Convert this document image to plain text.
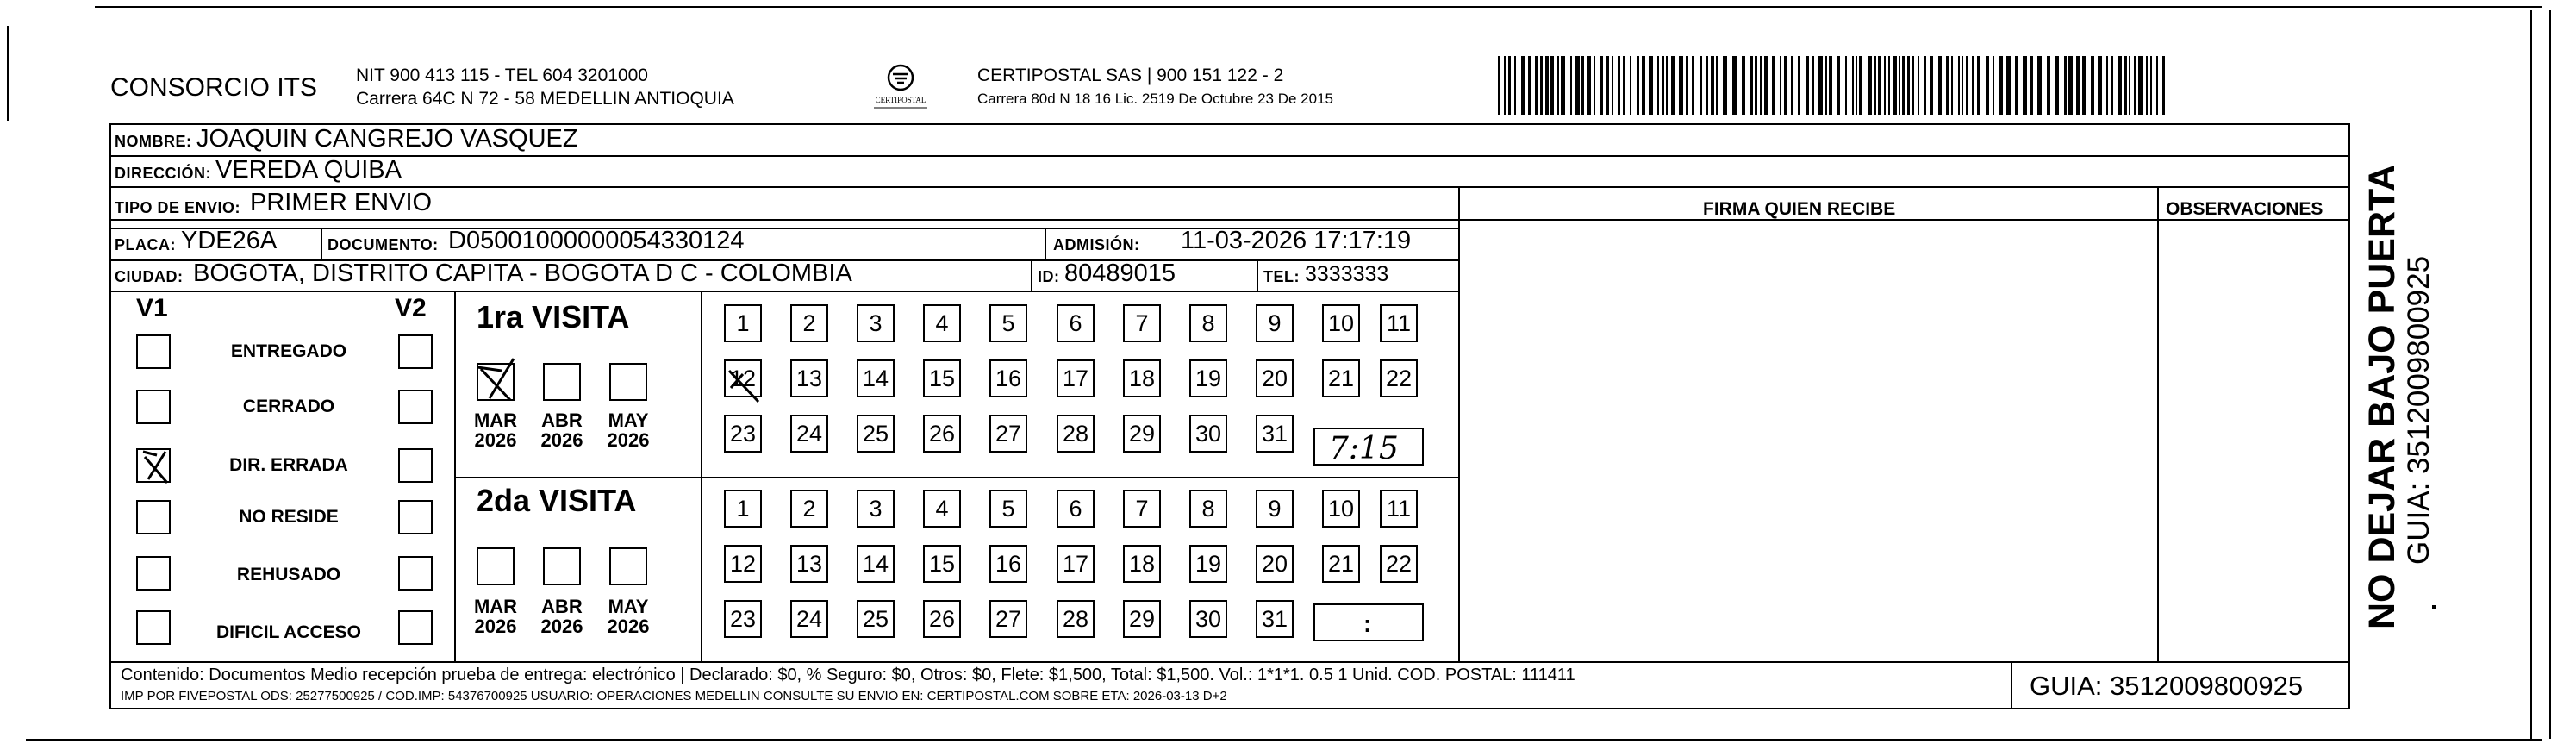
CONSORCIO ITS NIT 900 413 115 - TEL 604 3201000
Carrera 64C N 72 - 58 MEDELLIN ANTIOQUIA	CERTIPOSTAL
CERTIPOSTAL SAS | 900 151 122 - 2
Carrera 80d N 18 16 Lic. 2519 De Octubre 23 De 2015
NOMBRE: JOAQUIN CANGREJO VASQUEZ
DIRECCIÓN: VEREDA QUIBA
TIPO DE ENVIO: PRIMER ENVIO	FIRMA QUIEN RECIBE	OBSERVACIONES
PLACA: YDE26A	DOCUMENTO: D05001000000054330124	ADMISIÓN: 11-03-2026 17:17:19
CIUDAD: BOGOTA, DISTRITO CAPITA - BOGOTA D C - COLOMBIA	ID: 80489015	TEL: 3333333
V1	V2
ENTREGADO
CERRADO
DIR. ERRADA
NO RESIDE
REHUSADO
DIFICIL ACCESO
1ra VISITA
MAR
2026
ABR
2026
MAY
2026
1 2 3 4 5 6 7 8 9 10 11
12 13 14 15 16 17 18 19 20 21 22
23 24 25 26 27 28 29 30 31 7:15
2da VISITA
MAR
2026
ABR
2026
MAY
2026
1 2 3 4 5 6 7 8 9 10 11
12 13 14 15 16 17 18 19 20 21 22
23 24 25 26 27 28 29 30 31	:
Contenido: Documentos Medio recepción prueba de entrega: electrónico | Declarado: $0, % Seguro: $0, Otros: $0, Flete: $1,500, Total: $1,500. Vol.: 1*1*1. 0.5 1 Unid. COD. POSTAL: 111411
IMP POR FIVEPOSTAL ODS: 25277500925 / COD.IMP: 54376700925 USUARIO: OPERACIONES MEDELLIN CONSULTE SU ENVIO EN: CERTIPOSTAL.COM SOBRE ETA: 2026-03-13 D+2	GUIA: 3512009800925
NO DEJAR BAJO PUERTA GUIA: 3512009800925
